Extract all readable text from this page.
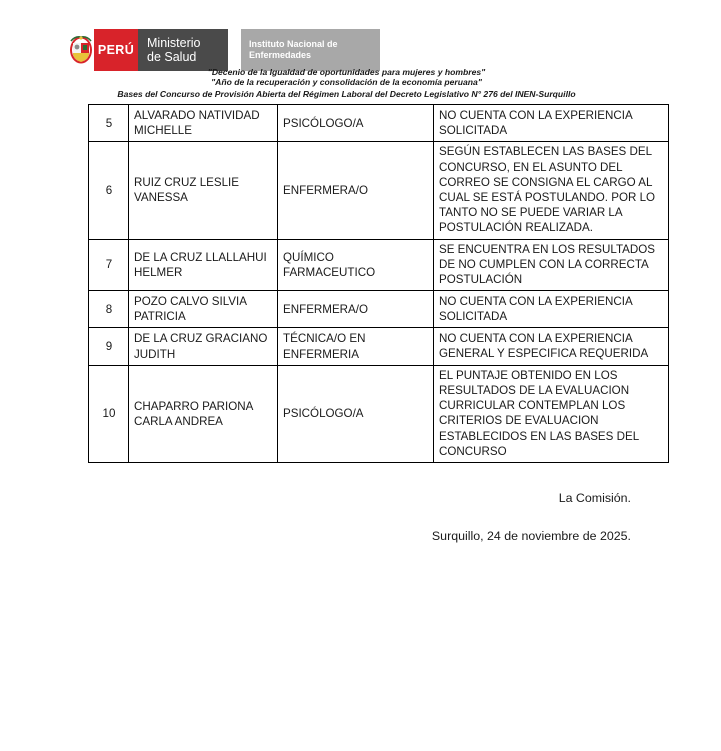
PERÚ Ministerio
de Salud
Instituto Nacional de
Enfermedades
"Decenio de la Igualdad de oportunidades para mujeres y hombres"
"Año de la recuperación y consolidación de la economía peruana"
Bases del Concurso de Provisión Abierta del Régimen Laboral del Decreto Legislativo N° 276 del INEN-Surquillo
5	ALVARADO NATIVIDAD MICHELLE	PSICÓLOGO/A	NO CUENTA CON LA EXPERIENCIA SOLICITADA
6	RUIZ CRUZ LESLIE VANESSA	ENFERMERA/O	SEGÚN ESTABLECEN LAS BASES DEL CONCURSO, EN EL ASUNTO DEL CORREO SE CONSIGNA EL CARGO AL CUAL SE ESTÁ POSTULANDO. POR LO TANTO NO SE PUEDE VARIAR LA POSTULACIÓN REALIZADA.
7	DE LA CRUZ LLALLAHUI HELMER	QUÍMICO FARMACEUTICO	SE ENCUENTRA EN LOS RESULTADOS DE NO CUMPLEN CON LA CORRECTA POSTULACIÓN
8	POZO CALVO SILVIA PATRICIA	ENFERMERA/O	NO CUENTA CON LA EXPERIENCIA SOLICITADA
9	DE LA CRUZ GRACIANO JUDITH	TÉCNICA/O EN ENFERMERIA	NO CUENTA CON LA EXPERIENCIA GENERAL Y ESPECIFICA REQUERIDA
10	CHAPARRO PARIONA CARLA ANDREA	PSICÓLOGO/A	EL PUNTAJE OBTENIDO EN LOS RESULTADOS DE LA EVALUACION CURRICULAR CONTEMPLAN LOS CRITERIOS DE EVALUACION ESTABLECIDOS EN LAS BASES DEL CONCURSO
La Comisión.
Surquillo, 24 de noviembre de 2025.
